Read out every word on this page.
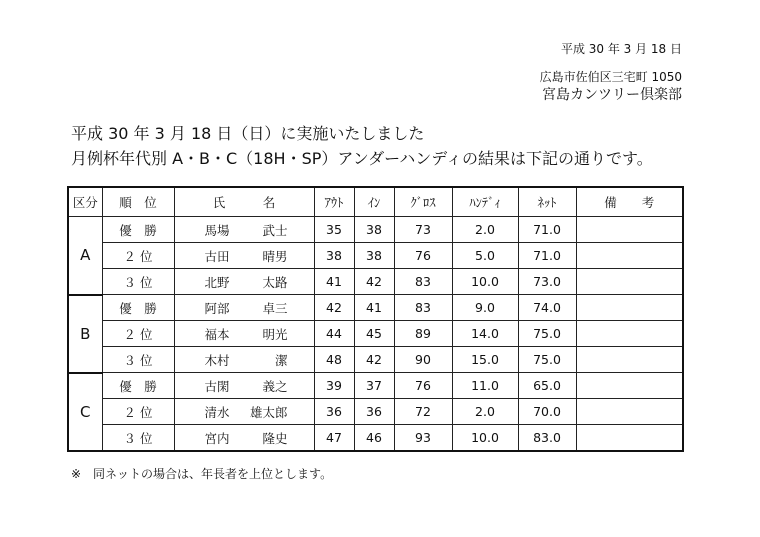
平成 30 年 3 月 18 日
広島市佐伯区三宅町 1050
宮島カンツリー倶楽部
平成 30 年 3 月 18 日（日）に実施いたしました
月例杯年代別 A・B・C（18H・SP）アンダーハンディの結果は下記の通りです。
区分	順　位	氏　　　名	ｱｳﾄ	ｲﾝ	ｸﾞﾛｽ	ﾊﾝﾃﾞｨ	ﾈｯﾄ	備　　考
A	優　勝	馬場 武士	35	38	73	2.0	71.0	
	２ 位	古田 晴男	38	38	76	5.0	71.0	
	３ 位	北野 太路	41	42	83	10.0	73.0	
B	優　勝	阿部 卓三	42	41	83	9.0	74.0	
	２ 位	福本 明光	44	45	89	14.0	75.0	
	３ 位	木村 潔	48	42	90	15.0	75.0	
C	優　勝	古閑 義之	39	37	76	11.0	65.0	
	２ 位	清水 雄太郎	36	36	72	2.0	70.0	
	３ 位	宮内 隆史	47	46	93	10.0	83.0	
※　同ネットの場合は、年長者を上位とします。
